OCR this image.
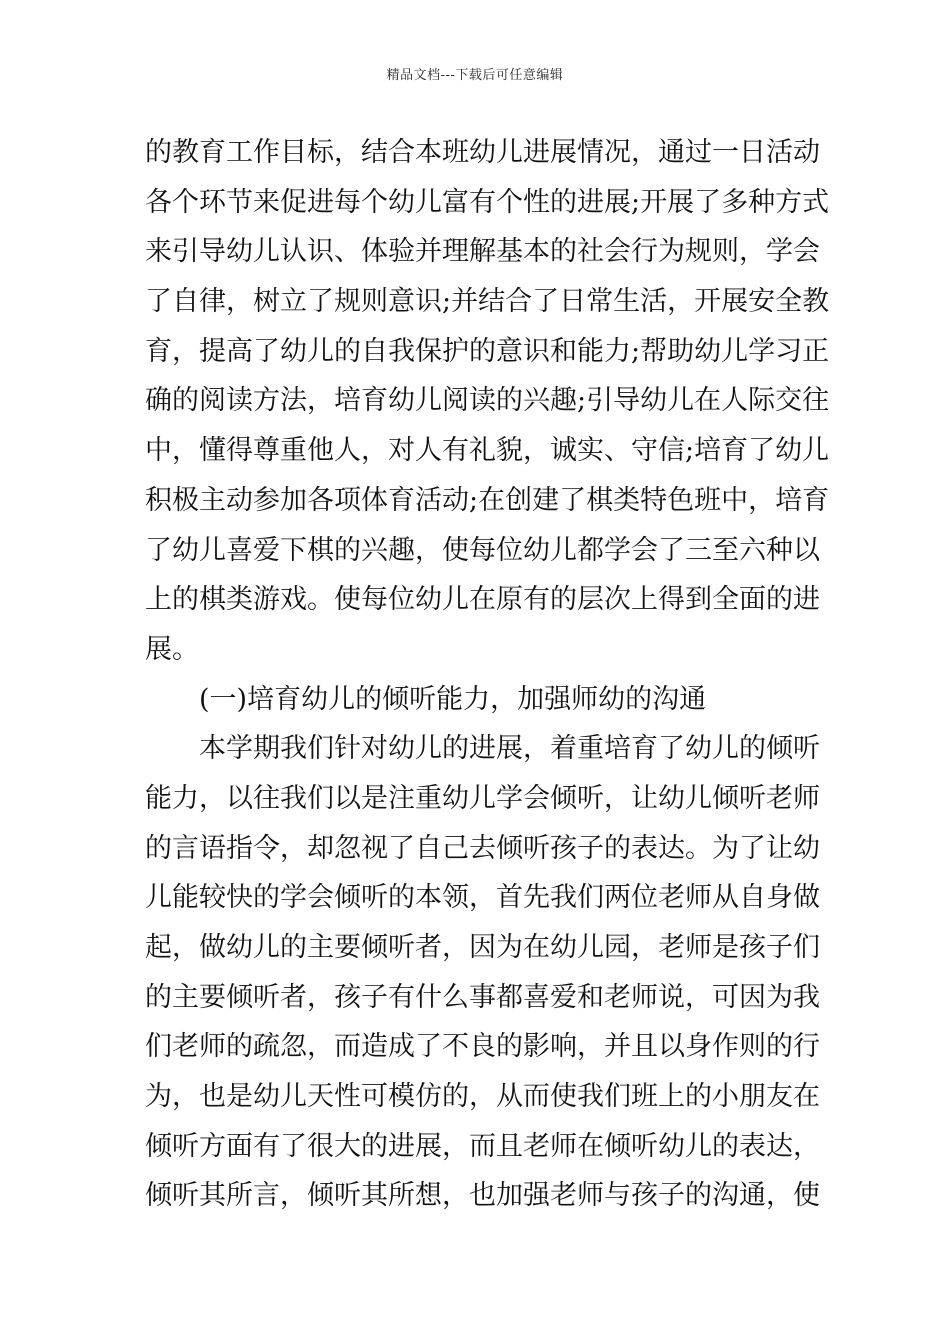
精品文档---下载后可任意编辑
的教育工作目标，结合本班幼儿进展情况，通过一日活动
各个环节来促进每个幼儿富有个性的进展;开展了多种方式
来引导幼儿认识、体验并理解基本的社会行为规则，学会
了自律，树立了规则意识;并结合了日常生活，开展安全教
育，提高了幼儿的自我保护的意识和能力;帮助幼儿学习正
确的阅读方法，培育幼儿阅读的兴趣;引导幼儿在人际交往
中，懂得尊重他人，对人有礼貌，诚实、守信;培育了幼儿
积极主动参加各项体育活动;在创建了棋类特色班中，培育
了幼儿喜爱下棋的兴趣，使每位幼儿都学会了三至六种以
上的棋类游戏。使每位幼儿在原有的层次上得到全面的进
展。
(一)培育幼儿的倾听能力，加强师幼的沟通
本学期我们针对幼儿的进展，着重培育了幼儿的倾听
能力，以往我们以是注重幼儿学会倾听，让幼儿倾听老师
的言语指令，却忽视了自己去倾听孩子的表达。为了让幼
儿能较快的学会倾听的本领，首先我们两位老师从自身做
起，做幼儿的主要倾听者，因为在幼儿园，老师是孩子们
的主要倾听者，孩子有什么事都喜爱和老师说，可因为我
们老师的疏忽，而造成了不良的影响，并且以身作则的行
为，也是幼儿天性可模仿的，从而使我们班上的小朋友在
倾听方面有了很大的进展，而且老师在倾听幼儿的表达，
倾听其所言，倾听其所想，也加强老师与孩子的沟通，使
